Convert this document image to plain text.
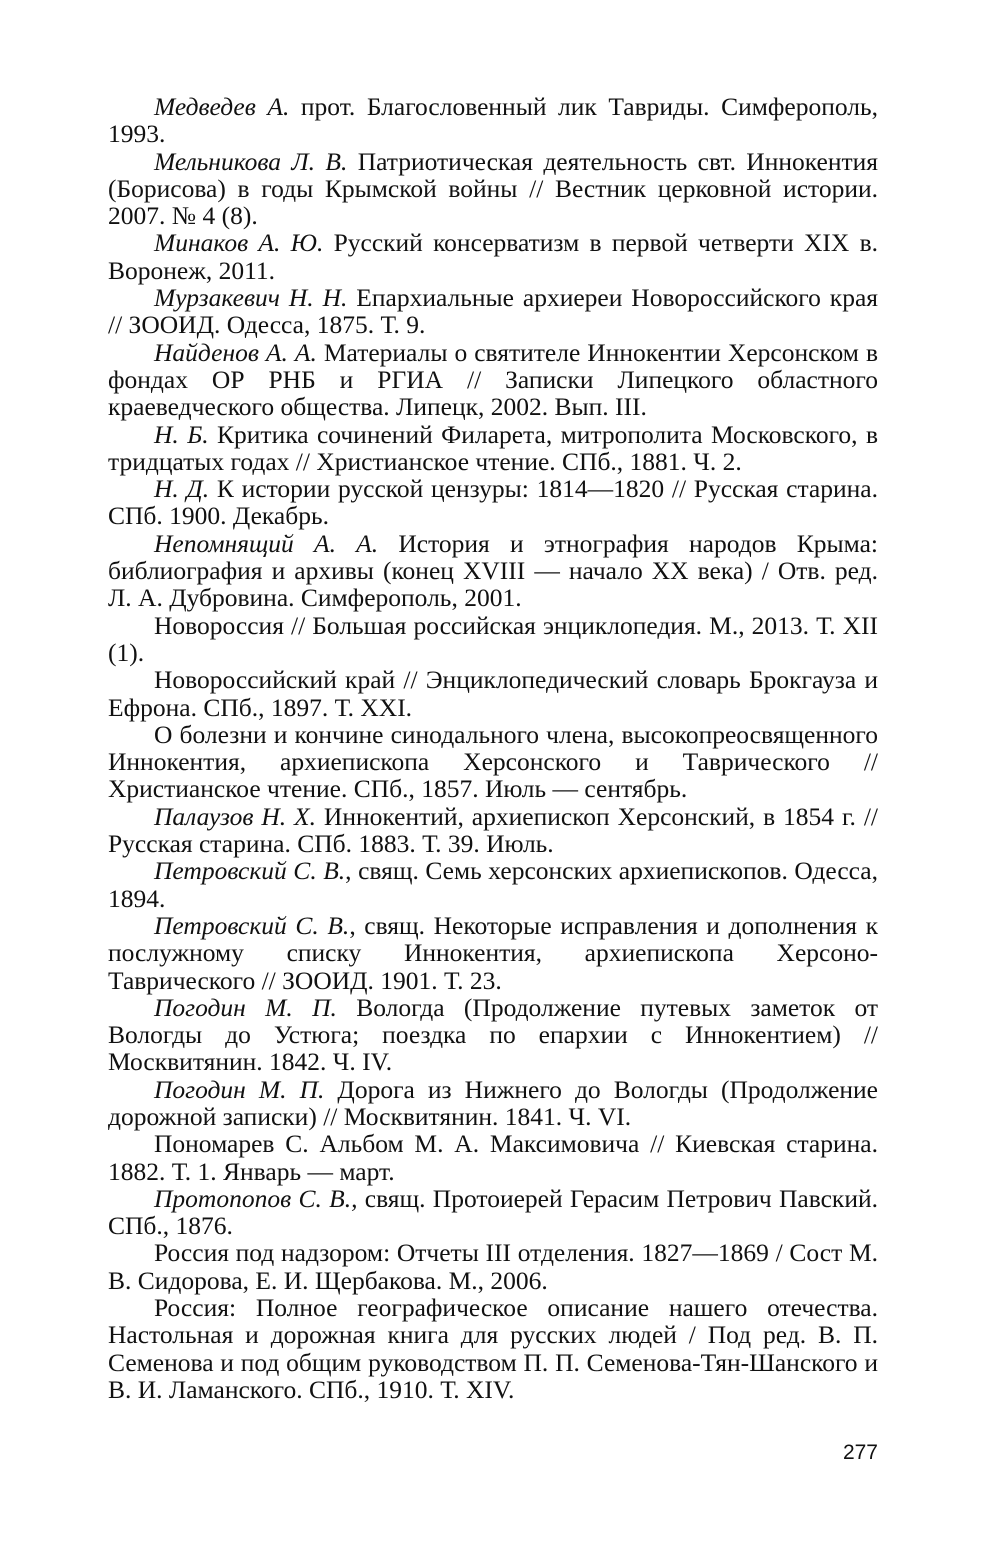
Медведев А. прот. Благословенный лик Тавриды. Симферополь, 1993.

Мельникова Л. В. Патриотическая деятельность свт. Иннокентия (Борисова) в годы Крымской войны // Вестник церковной истории. 2007. № 4 (8).

Минаков А. Ю. Русский консерватизм в первой четверти XIX в. Воронеж, 2011.

Мурзакевич Н. Н. Епархиальные архиереи Новороссийского края // ЗООИД. Одесса, 1875. Т. 9.

Найденов А. А. Материалы о святителе Иннокентии Херсонском в фондах ОР РНБ и РГИА // Записки Липецкого областного краеведческого общества. Липецк, 2002. Вып. III.

Н. Б. Критика сочинений Филарета, митрополита Московского, в тридцатых годах // Христианское чтение. СПб., 1881. Ч. 2.

Н. Д. К истории русской цензуры: 1814—1820 // Русская старина. СПб. 1900. Декабрь.

Непомнящий А. А. История и этнография народов Крыма: библиография и архивы (конец XVIII — начало XX века) / Отв. ред. Л. А. Дубровина. Симферополь, 2001.

Новороссия // Большая российская энциклопедия. М., 2013. Т. XII (1).

Новороссийский край // Энциклопедический словарь Брокгауза и Ефрона. СПб., 1897. Т. XXI.

О болезни и кончине синодального члена, высокопреосвященного Иннокентия, архиепископа Херсонского и Таврического // Христианское чтение. СПб., 1857. Июль — сентябрь.

Палаузов Н. Х. Иннокентий, архиепископ Херсонский, в 1854 г. // Русская старина. СПб. 1883. Т. 39. Июль.

Петровский С. В., свящ. Семь херсонских архиепископов. Одесса, 1894.

Петровский С. В., свящ. Некоторые исправления и дополнения к послужному списку Иннокентия, архиепископа Херсоно-Таврического // ЗООИД. 1901. Т. 23.

Погодин М. П. Вологда (Продолжение путевых заметок от Вологды до Устюга; поездка по епархии с Иннокентием) // Москвитянин. 1842. Ч. IV.

Погодин М. П. Дорога из Нижнего до Вологды (Продолжение дорожной записки) // Москвитянин. 1841. Ч. VI.

Пономарев С. Альбом М. А. Максимовича // Киевская старина. 1882. Т. 1. Январь — март.

Протопопов С. В., свящ. Протоиерей Герасим Петрович Павский. СПб., 1876.

Россия под надзором: Отчеты III отделения. 1827—1869 / Сост М. В. Сидорова, Е. И. Щербакова. М., 2006.

Россия: Полное географическое описание нашего отечества. Настольная и дорожная книга для русских людей / Под ред. В. П. Семенова и под общим руководством П. П. Семенова-Тян-Шанского и В. И. Ламанского. СПб., 1910. Т. XIV.

277
